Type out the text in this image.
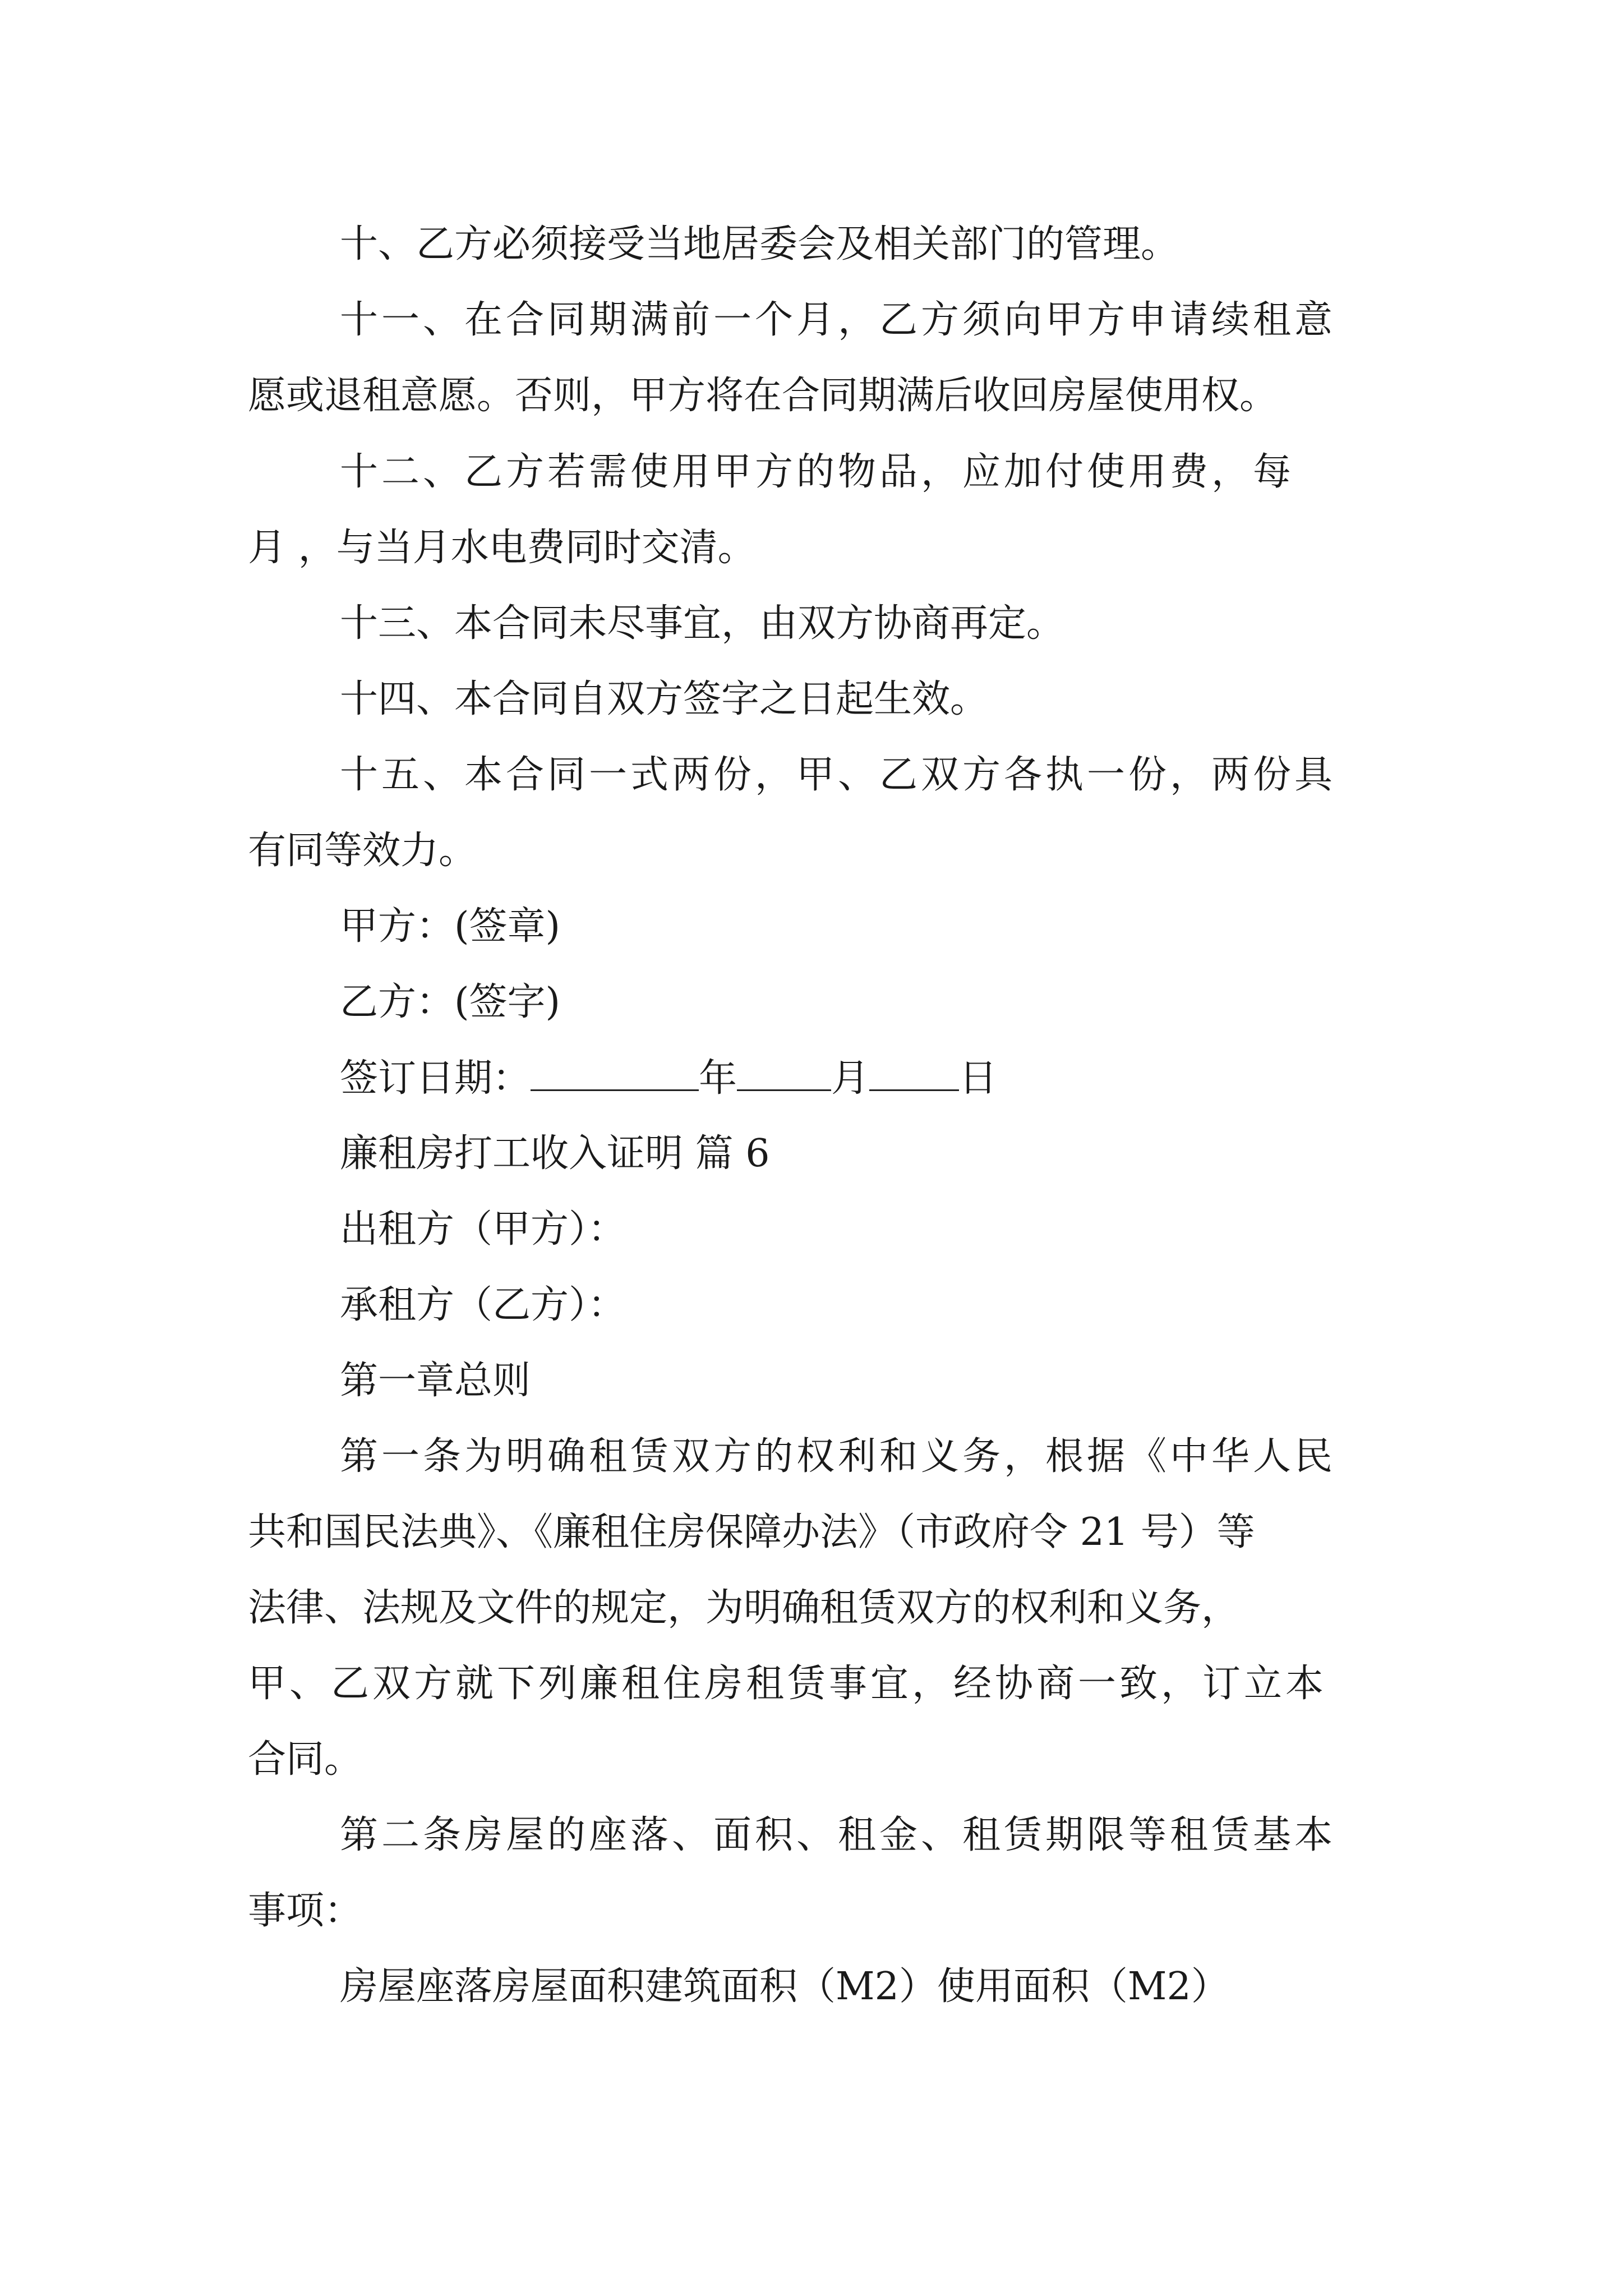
十、乙方必须接受当地居委会及相关部门的管理。

十一、在合同期满前一个月，乙方须向甲方申请续租意

愿或退租意愿。否则，甲方将在合同期满后收回房屋使用权。

十二、乙方若需使用甲方的物品，应加付使用费，每

月 ，与当月水电费同时交清。

十三、本合同未尽事宜，由双方协商再定。

十四、本合同自双方签字之日起生效。

十五、本合同一式两份，甲、乙双方各执一份，两份具

有同等效力。

甲方：(签章)

乙方：(签字)

签订日期：	年 月 日

廉租房打工收入证明 篇 6

出租方（甲方）：

承租方（乙方）：

第一章总则

第一条为明确租赁双方的权利和义务，根据《中华人民

共和国民法典》、《廉租住房保障办法》（市政府令 21 号）等

法律、法规及文件的规定，为明确租赁双方的权利和义务，

甲、乙双方就下列廉租住房租赁事宜，经协商一致，订立本

合同。

第二条房屋的座落、面积、租金、租赁期限等租赁基本

事项：

房屋座落房屋面积建筑面积（M2）使用面积（M2）
